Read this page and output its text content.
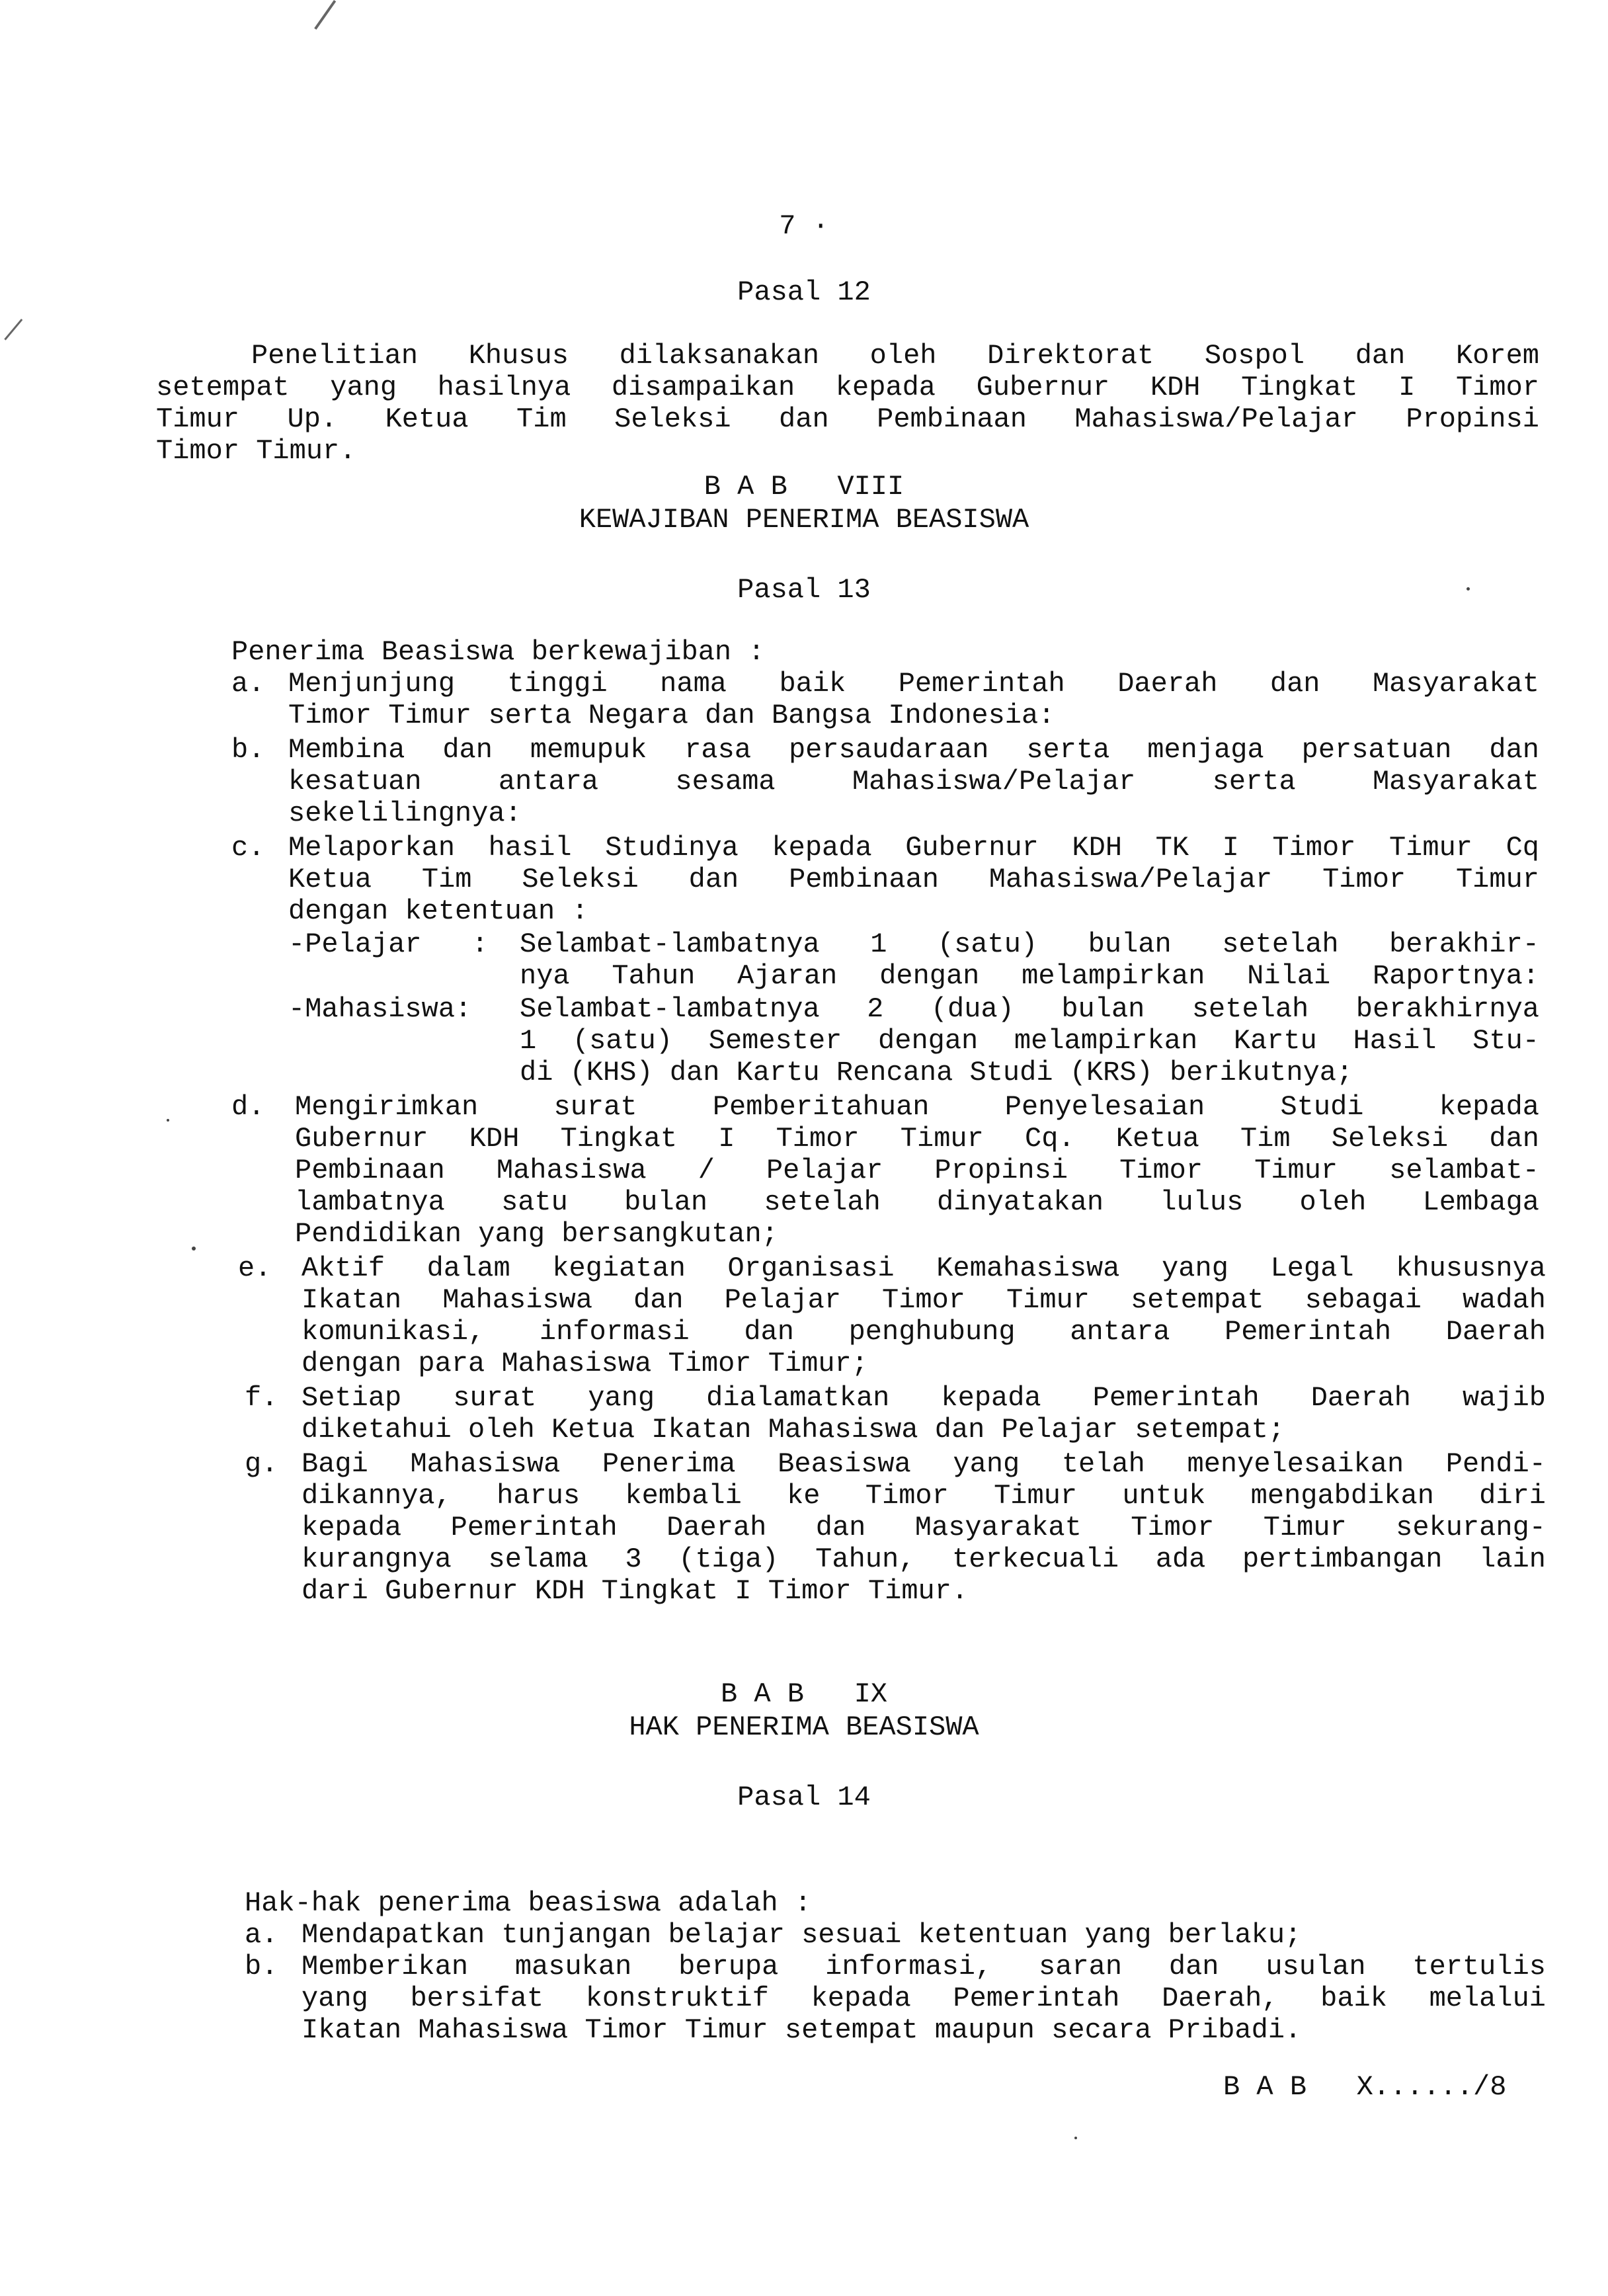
7 ·
Pasal 12
Penelitian Khusus dilaksanakan oleh Direktorat Sospol dan Korem
setempat yang hasilnya disampaikan kepada Gubernur KDH Tingkat I Timor
Timur Up. Ketua Tim Seleksi dan Pembinaan Mahasiswa/Pelajar Propinsi
Timor Timur.
B A B   VIII
KEWAJIBAN PENERIMA BEASISWA
Pasal 13
Penerima Beasiswa berkewajiban :
a. Menjunjung tinggi nama baik Pemerintah Daerah dan Masyarakat
Timor Timur serta Negara dan Bangsa Indonesia:
b. Membina dan memupuk rasa persaudaraan serta menjaga persatuan dan
kesatuan antara sesama Mahasiswa/Pelajar serta Masyarakat
sekelilingnya:
c. Melaporkan hasil Studinya kepada Gubernur KDH TK I Timor Timur Cq
Ketua Tim Seleksi dan Pembinaan Mahasiswa/Pelajar Timor Timur
dengan ketentuan :
-Pelajar   : Selambat-lambatnya 1 (satu) bulan setelah berakhir-
nya Tahun Ajaran dengan melampirkan Nilai Raportnya:
-Mahasiswa: Selambat-lambatnya 2 (dua) bulan setelah berakhirnya
1 (satu) Semester dengan melampirkan Kartu Hasil Stu-
di (KHS) dan Kartu Rencana Studi (KRS) berikutnya;
d. Mengirimkan surat Pemberitahuan Penyelesaian Studi kepada
Gubernur KDH Tingkat I Timor Timur Cq. Ketua Tim Seleksi dan
Pembinaan Mahasiswa / Pelajar Propinsi Timor Timur selambat-
lambatnya satu bulan setelah dinyatakan lulus oleh Lembaga
Pendidikan yang bersangkutan;
e. Aktif dalam kegiatan Organisasi Kemahasiswa yang Legal khususnya
Ikatan Mahasiswa dan Pelajar Timor Timur setempat sebagai wadah
komunikasi, informasi dan penghubung antara Pemerintah Daerah
dengan para Mahasiswa Timor Timur;
f. Setiap surat yang dialamatkan kepada Pemerintah Daerah wajib
diketahui oleh Ketua Ikatan Mahasiswa dan Pelajar setempat;
g. Bagi Mahasiswa Penerima Beasiswa yang telah menyelesaikan Pendi-
dikannya, harus kembali ke Timor Timur untuk mengabdikan diri
kepada Pemerintah Daerah dan Masyarakat Timor Timur sekurang-
kurangnya selama 3 (tiga) Tahun, terkecuali ada pertimbangan lain
dari Gubernur KDH Tingkat I Timor Timur.
B A B   IX
HAK PENERIMA BEASISWA
Pasal 14
Hak-hak penerima beasiswa adalah :
a. Mendapatkan tunjangan belajar sesuai ketentuan yang berlaku;
b. Memberikan masukan berupa informasi, saran dan usulan tertulis
yang bersifat konstruktif kepada Pemerintah Daerah, baik melalui
Ikatan Mahasiswa Timor Timur setempat maupun secara Pribadi.
B A B   X....../8
